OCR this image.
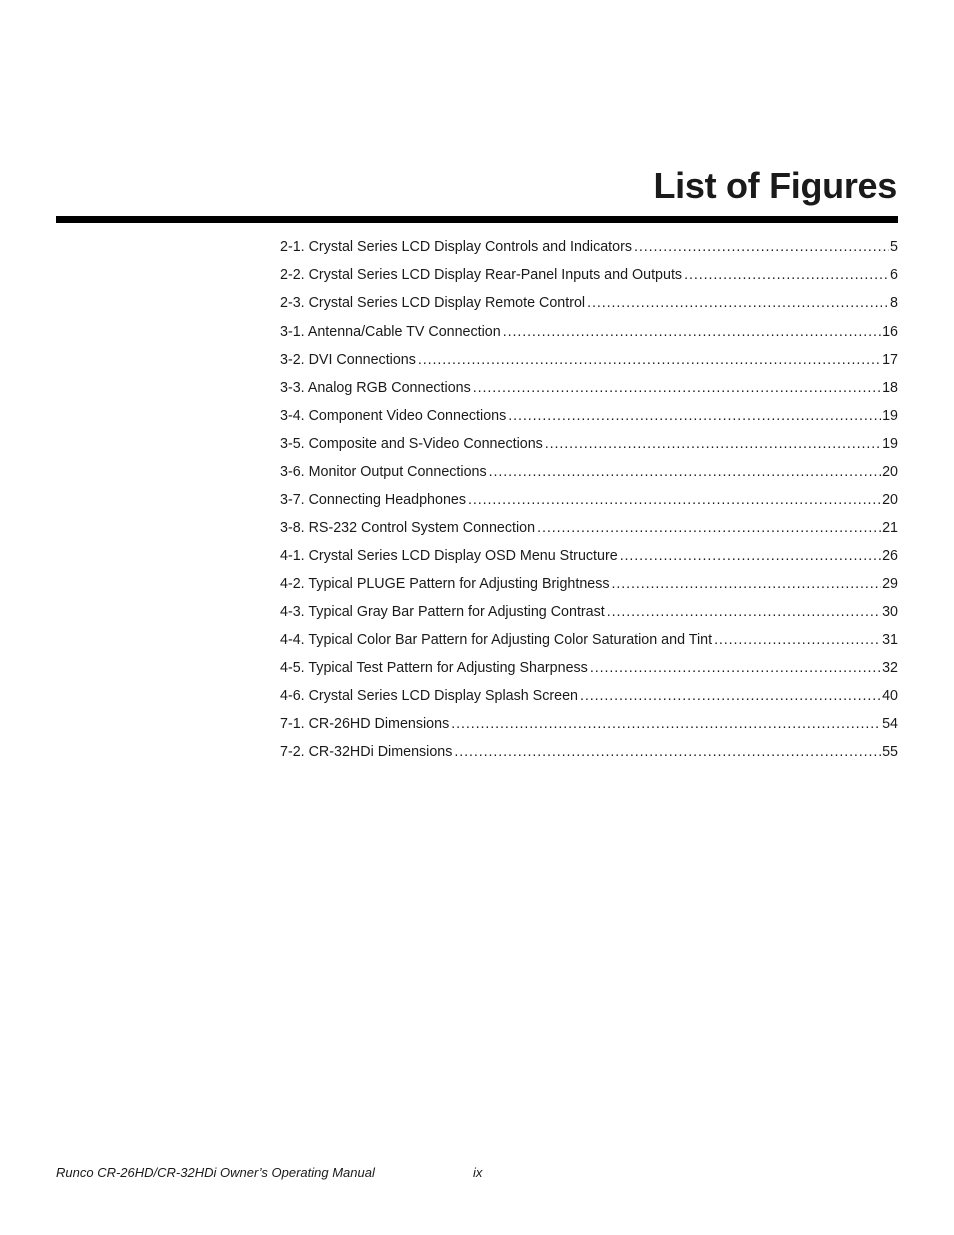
List of Figures
2-1. Crystal Series LCD Display Controls and Indicators .....	5
2-2. Crystal Series LCD Display Rear-Panel Inputs and Outputs .....	6
2-3. Crystal Series LCD Display Remote Control .....	8
3-1. Antenna/Cable TV Connection .....	16
3-2. DVI Connections .....	17
3-3. Analog RGB Connections .....	18
3-4. Component Video Connections .....	19
3-5. Composite and S-Video Connections .....	19
3-6. Monitor Output Connections .....	20
3-7. Connecting Headphones .....	20
3-8. RS-232 Control System Connection .....	21
4-1. Crystal Series LCD Display OSD Menu Structure .....	26
4-2. Typical PLUGE Pattern for Adjusting Brightness .....	29
4-3. Typical Gray Bar Pattern for Adjusting Contrast .....	30
4-4. Typical Color Bar Pattern for Adjusting Color Saturation and Tint .....	31
4-5. Typical Test Pattern for Adjusting Sharpness .....	32
4-6. Crystal Series LCD Display Splash Screen .....	40
7-1. CR-26HD Dimensions .....	54
7-2. CR-32HDi Dimensions .....	55
Runco CR-26HD/CR-32HDi Owner’s Operating Manual	ix
